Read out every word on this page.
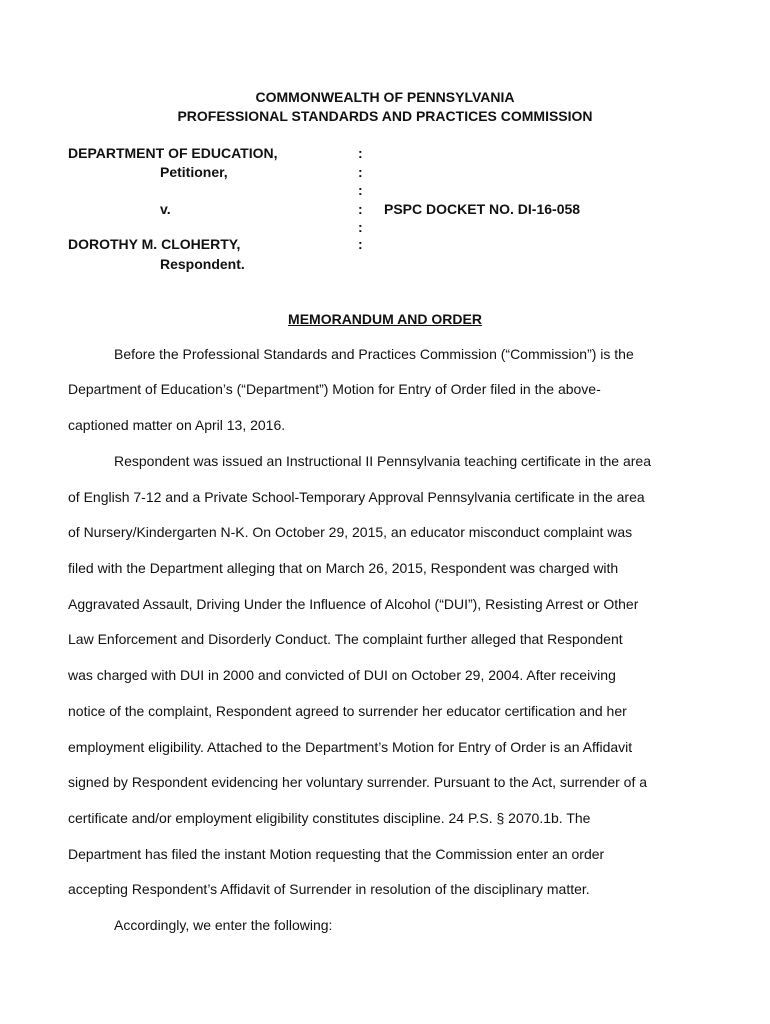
COMMONWEALTH OF PENNSYLVANIA
PROFESSIONAL STANDARDS AND PRACTICES COMMISSION
DEPARTMENT OF EDUCATION,
Petitioner,
v.
DOROTHY M. CLOHERTY,
Respondent.
:
:
:
:
:
:
PSPC DOCKET NO. DI-16-058
MEMORANDUM AND ORDER
Before the Professional Standards and Practices Commission (“Commission”) is the
Department of Education’s (“Department”) Motion for Entry of Order filed in the above-
captioned matter on April 13, 2016.
Respondent was issued an Instructional II Pennsylvania teaching certificate in the area
of English 7-12 and a Private School-Temporary Approval Pennsylvania certificate in the area
of Nursery/Kindergarten N-K. On October 29, 2015, an educator misconduct complaint was
filed with the Department alleging that on March 26, 2015, Respondent was charged with
Aggravated Assault, Driving Under the Influence of Alcohol (“DUI”), Resisting Arrest or Other
Law Enforcement and Disorderly Conduct. The complaint further alleged that Respondent
was charged with DUI in 2000 and convicted of DUI on October 29, 2004. After receiving
notice of the complaint, Respondent agreed to surrender her educator certification and her
employment eligibility. Attached to the Department’s Motion for Entry of Order is an Affidavit
signed by Respondent evidencing her voluntary surrender. Pursuant to the Act, surrender of a
certificate and/or employment eligibility constitutes discipline. 24 P.S. § 2070.1b. The
Department has filed the instant Motion requesting that the Commission enter an order
accepting Respondent’s Affidavit of Surrender in resolution of the disciplinary matter.
Accordingly, we enter the following:
